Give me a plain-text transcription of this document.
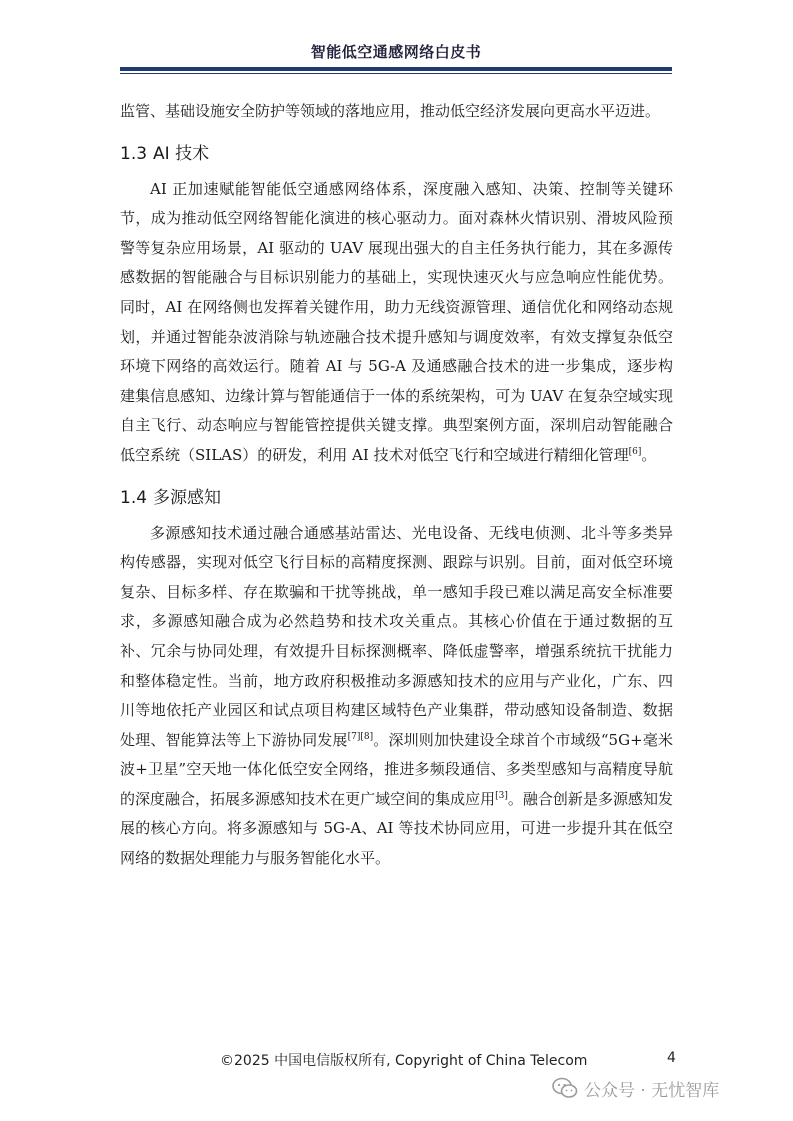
智能低空通感网络白皮书

监管、基础设施安全防护等领域的落地应用，推动低空经济发展向更高水平迈进。

1.3 AI 技术

AI 正加速赋能智能低空通感网络体系，深度融入感知、决策、控制等关键环节，成为推动低空网络智能化演进的核心驱动力。面对森林火情识别、滑坡风险预警等复杂应用场景，AI 驱动的 UAV 展现出强大的自主任务执行能力，其在多源传感数据的智能融合与目标识别能力的基础上，实现快速灭火与应急响应性能优势。同时，AI 在网络侧也发挥着关键作用，助力无线资源管理、通信优化和网络动态规划，并通过智能杂波消除与轨迹融合技术提升感知与调度效率，有效支撑复杂低空环境下网络的高效运行。随着 AI 与 5G-A 及通感融合技术的进一步集成，逐步构建集信息感知、边缘计算与智能通信于一体的系统架构，可为 UAV 在复杂空域实现自主飞行、动态响应与智能管控提供关键支撑。典型案例方面，深圳启动智能融合低空系统（SILAS）的研发，利用 AI 技术对低空飞行和空域进行精细化管理[6]。

1.4 多源感知

多源感知技术通过融合通感基站雷达、光电设备、无线电侦测、北斗等多类异构传感器，实现对低空飞行目标的高精度探测、跟踪与识别。目前，面对低空环境复杂、目标多样、存在欺骗和干扰等挑战，单一感知手段已难以满足高安全标准要求，多源感知融合成为必然趋势和技术攻关重点。其核心价值在于通过数据的互补、冗余与协同处理，有效提升目标探测概率、降低虚警率，增强系统抗干扰能力和整体稳定性。当前，地方政府积极推动多源感知技术的应用与产业化，广东、四川等地依托产业园区和试点项目构建区域特色产业集群，带动感知设备制造、数据处理、智能算法等上下游协同发展[7][8]。深圳则加快建设全球首个市域级“5G+毫米波+卫星”空天地一体化低空安全网络，推进多频段通信、多类型感知与高精度导航的深度融合，拓展多源感知技术在更广域空间的集成应用[3]。融合创新是多源感知发展的核心方向。将多源感知与 5G-A、AI 等技术协同应用，可进一步提升其在低空网络的数据处理能力与服务智能化水平。

©2025 中国电信版权所有, Copyright of China Telecom	4
公众号 · 无忧智库
